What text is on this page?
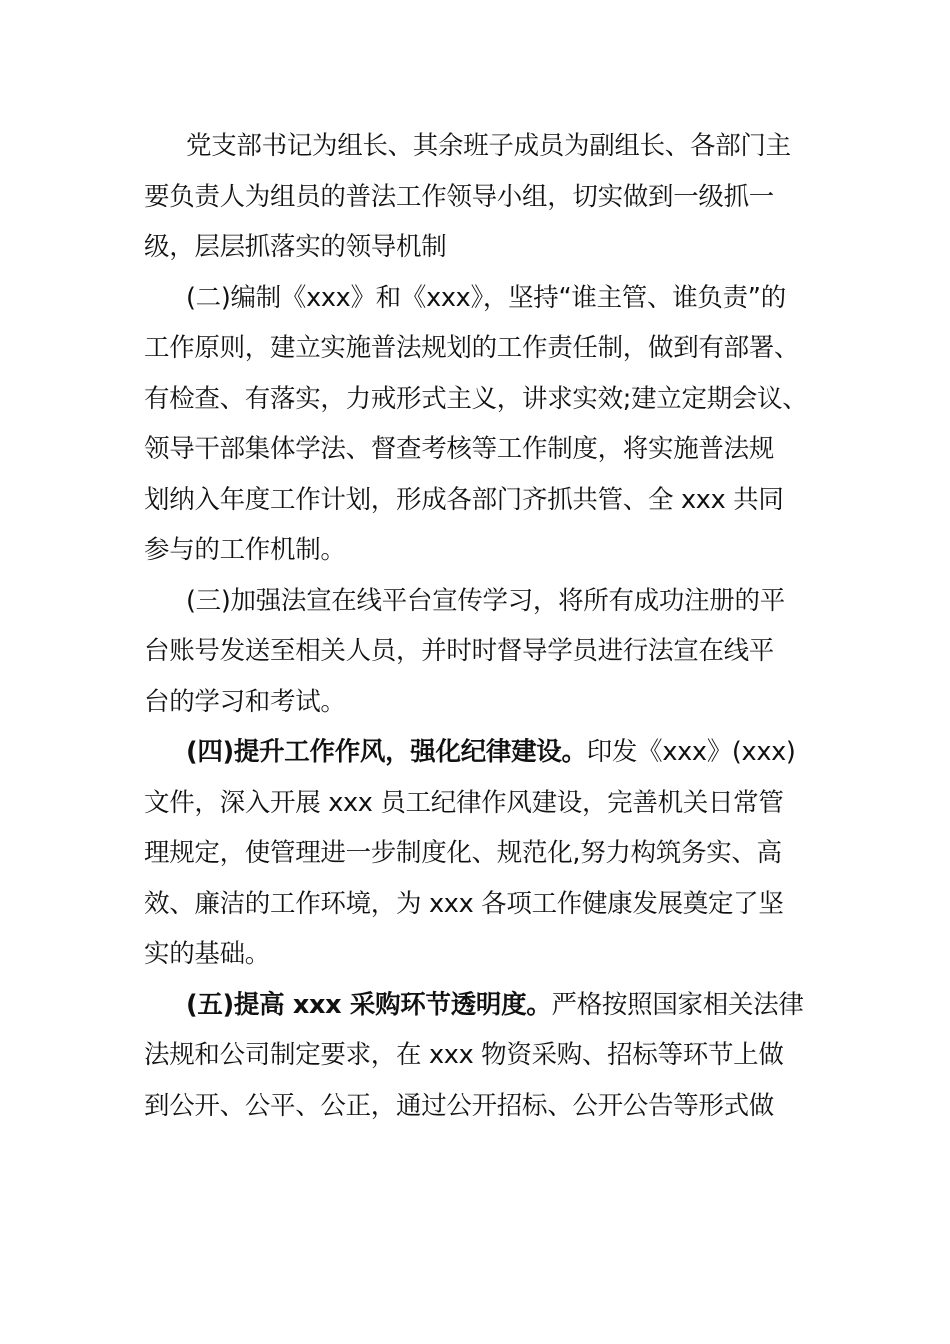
党支部书记为组长、其余班子成员为副组长、各部门主
要负责人为组员的普法工作领导小组，切实做到一级抓一
级，层层抓落实的领导机制

(二)编制《xxx》和《xxx》，坚持“谁主管、谁负责”的
工作原则，建立实施普法规划的工作责任制，做到有部署、
有检查、有落实，力戒形式主义，讲求实效;建立定期会议、
领导干部集体学法、督查考核等工作制度，将实施普法规
划纳入年度工作计划，形成各部门齐抓共管、全 xxx 共同
参与的工作机制。

(三)加强法宣在线平台宣传学习，将所有成功注册的平
台账号发送至相关人员，并时时督导学员进行法宣在线平
台的学习和考试。

(四)提升工作作风，强化纪律建设。印发《xxx》(xxx)
文件，深入开展 xxx 员工纪律作风建设，完善机关日常管
理规定，使管理进一步制度化、规范化,努力构筑务实、高
效、廉洁的工作环境，为 xxx 各项工作健康发展奠定了坚
实的基础。

(五)提高 xxx 采购环节透明度。严格按照国家相关法律
法规和公司制定要求，在 xxx 物资采购、招标等环节上做
到公开、公平、公正，通过公开招标、公开公告等形式做
